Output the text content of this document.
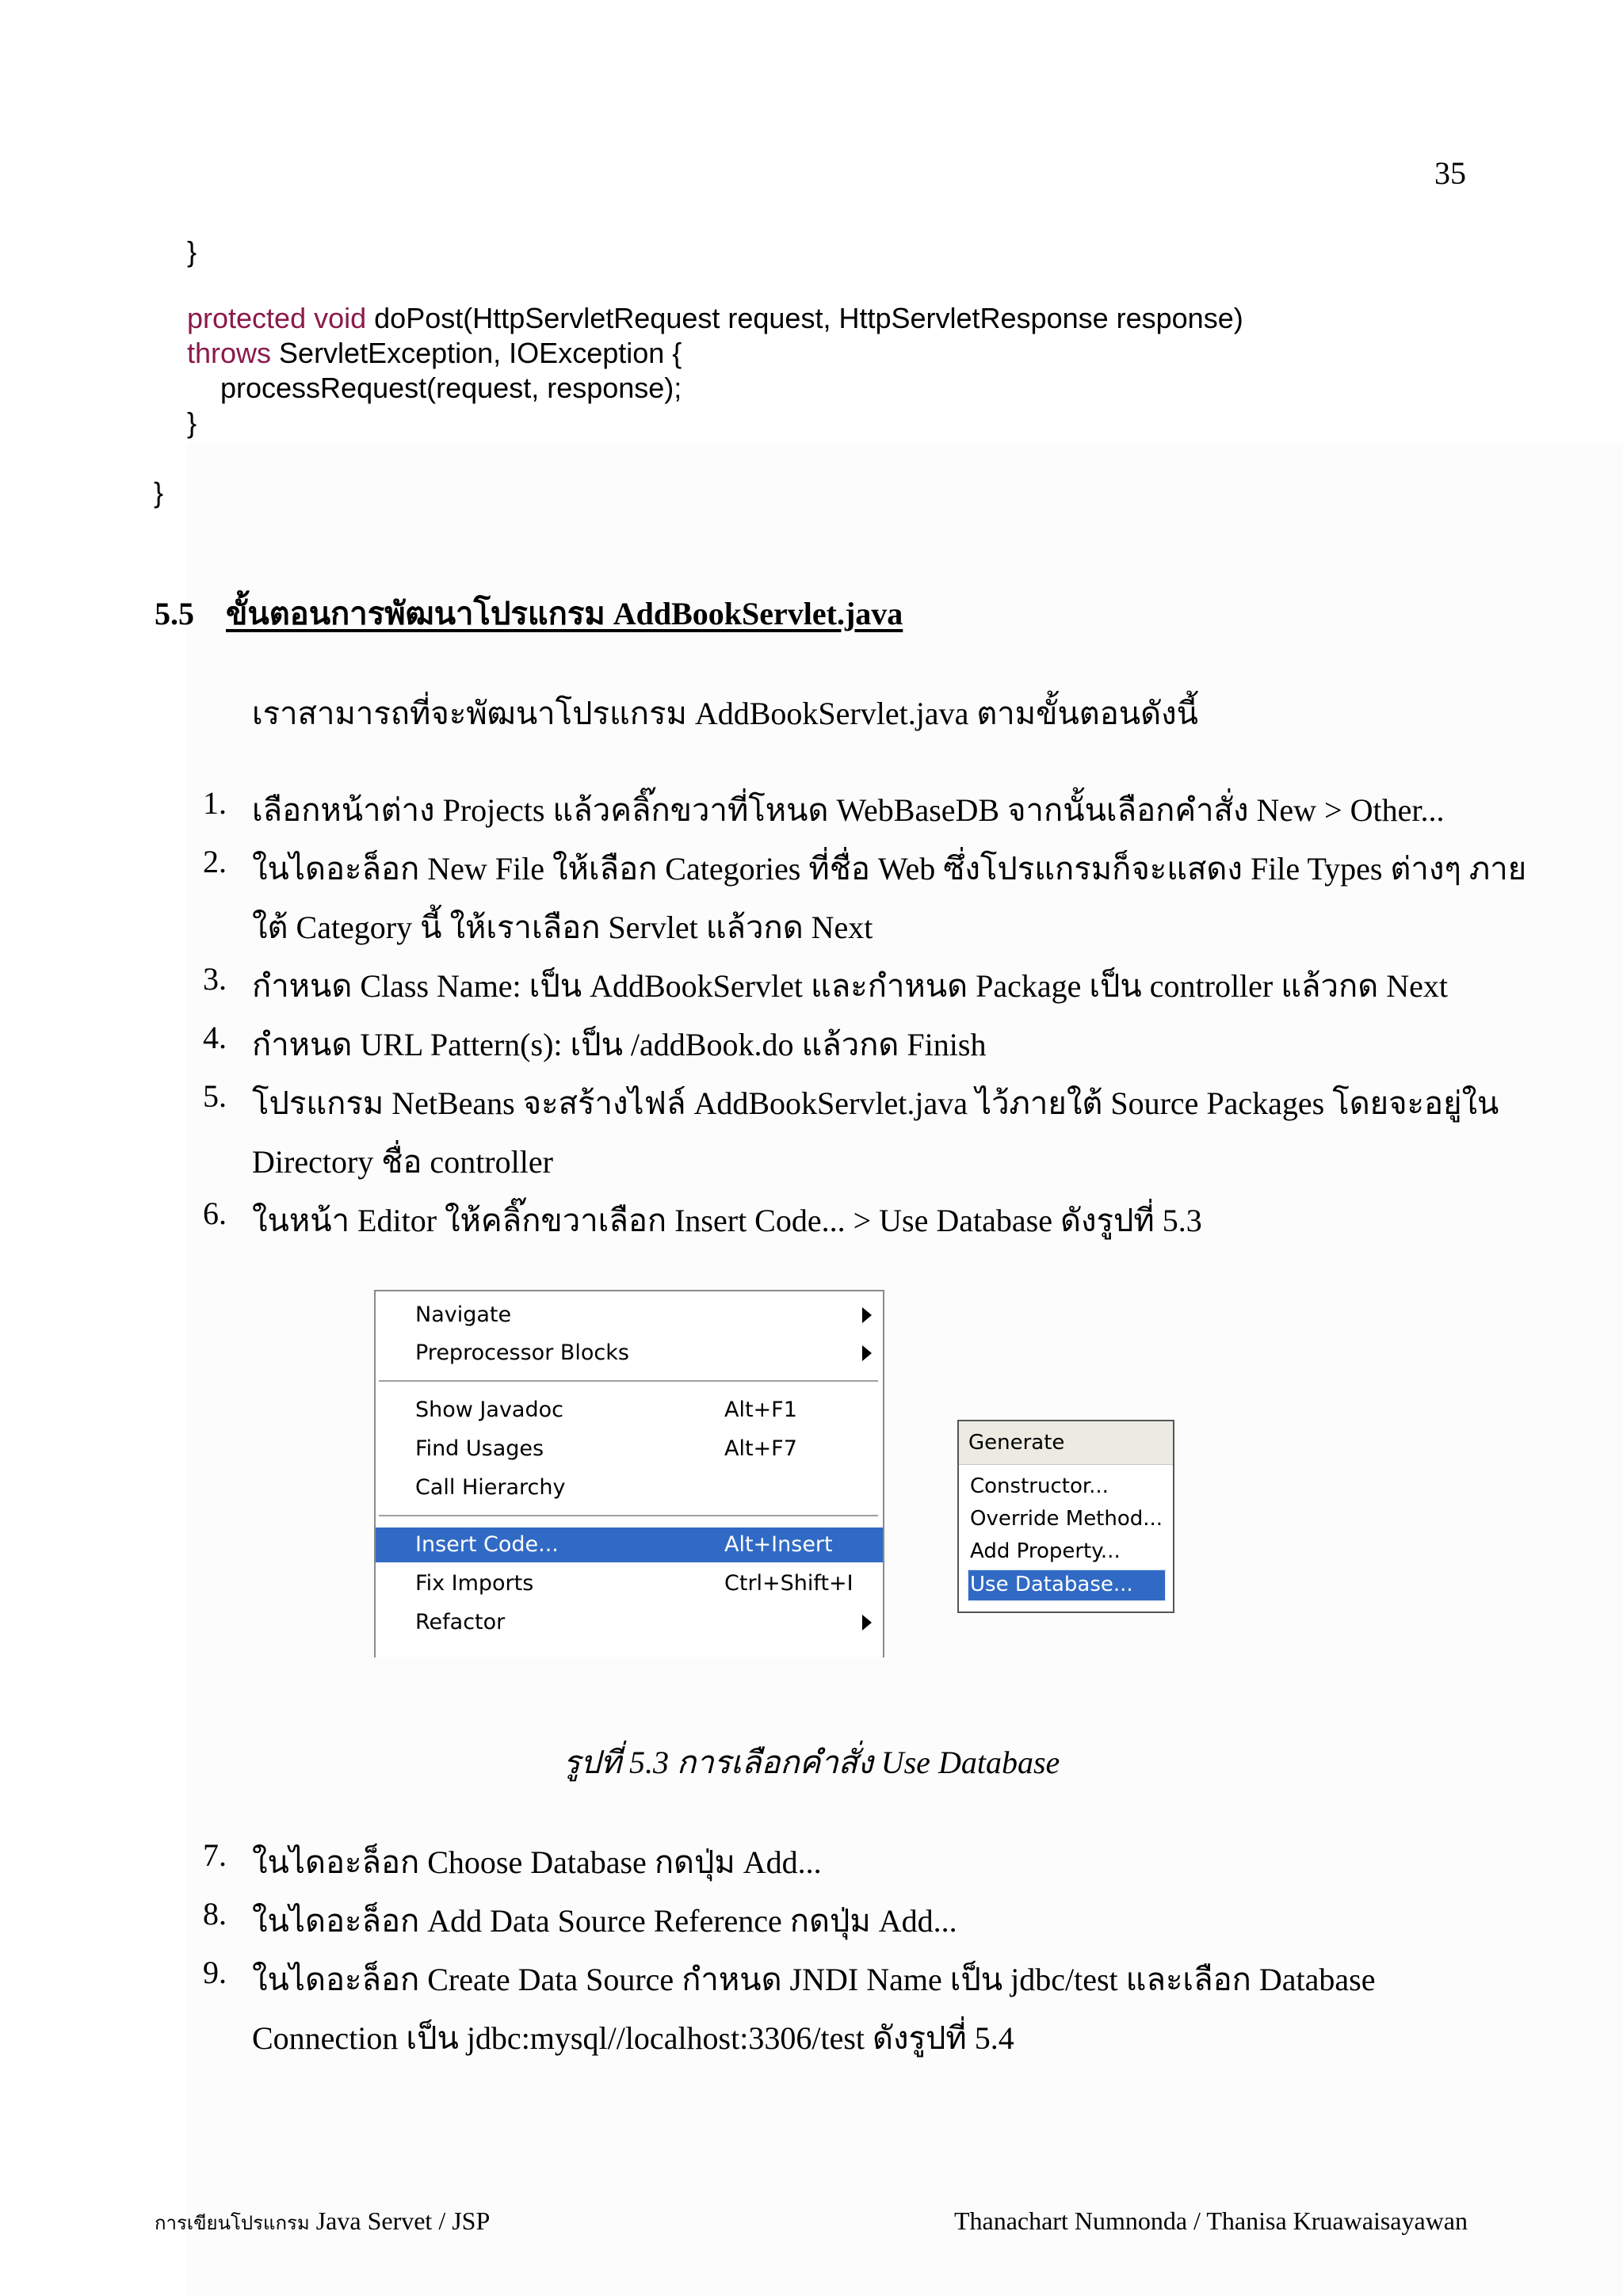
35
}
protected void doPost(HttpServletRequest request, HttpServletResponse response)
throws ServletException, IOException {
processRequest(request, response);
}
}
5.5 ขั้นตอนการพัฒนาโปรแกรม AddBookServlet.java
เราสามารถที่จะพัฒนาโปรแกรม AddBookServlet.java ตามขั้นตอนดังนี้
1. เลือกหน้าต่าง Projects แล้วคลิ๊กขวาที่โหนด WebBaseDB จากนั้นเลือกคำสั่ง New > Other...
2. ในไดอะล็อก New File ให้เลือก Categories ที่ชื่อ Web ซึ่งโปรแกรมก็จะแสดง File Types ต่างๆ ภาย
ใต้ Category นี้ ให้เราเลือก Servlet แล้วกด Next
3. กำหนด Class Name: เป็น AddBookServlet และกำหนด Package เป็น controller แล้วกด Next
4. กำหนด URL Pattern(s): เป็น /addBook.do แล้วกด Finish
5. โปรแกรม NetBeans จะสร้างไฟล์ AddBookServlet.java ไว้ภายใต้ Source Packages โดยจะอยู่ใน
Directory ชื่อ controller
6. ในหน้า Editor ให้คลิ๊กขวาเลือก Insert Code... > Use Database ดังรูปที่ 5.3
Navigate
Preprocessor Blocks
Show Javadoc	Alt+F1
Find Usages	Alt+F7
Call Hierarchy
Insert Code...	Alt+Insert
Fix Imports	Ctrl+Shift+I
Refactor
Generate
Constructor...
Override Method...
Add Property...
Use Database...
รูปที่ 5.3 การเลือกคำสั่ง Use Database
7. ในไดอะล็อก Choose Database กดปุ่ม Add...
8. ในไดอะล็อก Add Data Source Reference กดปุ่ม Add...
9. ในไดอะล็อก Create Data Source กำหนด JNDI Name เป็น jdbc/test และเลือก Database
Connection เป็น jdbc:mysql//localhost:3306/test ดังรูปที่ 5.4
การเขียนโปรแกรม Java Servet / JSP	Thanachart Numnonda / Thanisa Kruawaisayawan
